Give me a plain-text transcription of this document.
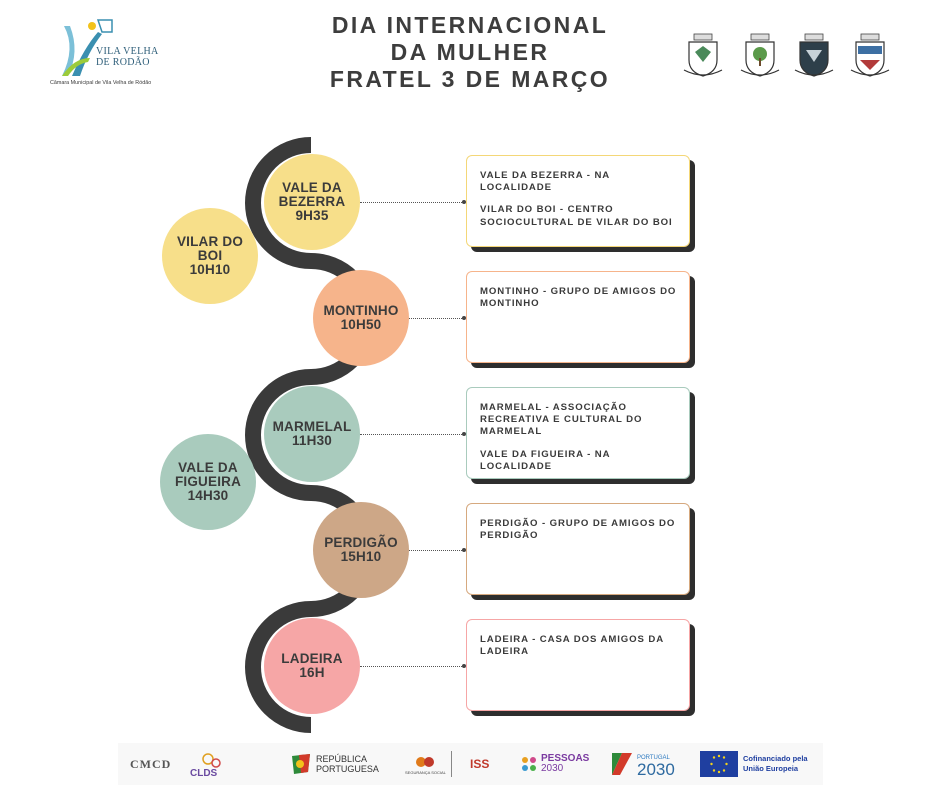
VILA VELHA
DE RODÃO
Câmara Municipal de Vila Velha de Ródão
DIA INTERNACIONAL
DA MULHER
FRATEL 3 DE MARÇO
VALE DA BEZERRA
9H35
VILAR DO BOI
10H10
MONTINHO
10H50
MARMELAL
11H30
VALE DA FIGUEIRA
14H30
PERDIGÃO
15H10
LADEIRA
16H

VALE DA BEZERRA - NA LOCALIDADE

VILAR DO BOI - CENTRO SOCIOCULTURAL DE VILAR DO BOI

MONTINHO - GRUPO DE AMIGOS DO MONTINHO

MARMELAL - ASSOCIAÇÃO RECREATIVA E CULTURAL DO MARMELAL

VALE DA FIGUEIRA - NA LOCALIDADE

PERDIGÃO - GRUPO DE AMIGOS DO PERDIGÃO

LADEIRA - CASA DOS AMIGOS DA LADEIRA

CMCD
CLDS
REPÚBLICA
PORTUGUESA	SEGURANÇA SOCIAL
ISS	PESSOAS
2030
PORTUGAL
2030
Cofinanciado pela
União Europeia
